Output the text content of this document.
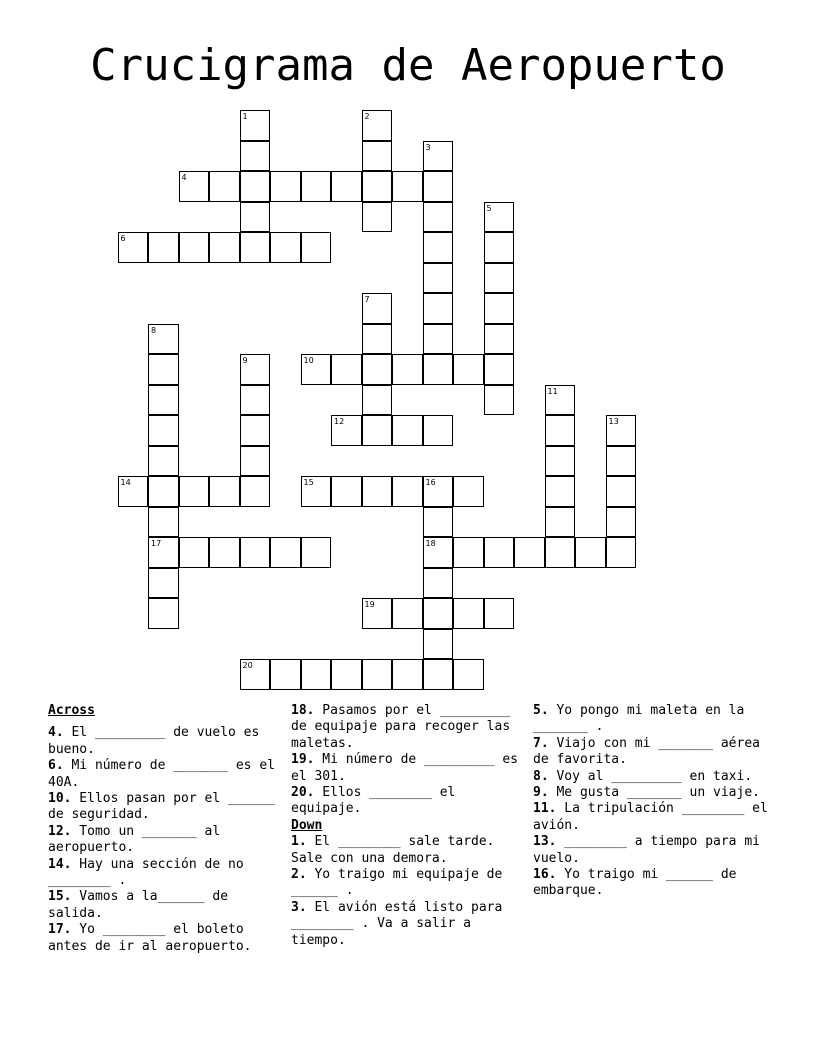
Crucigrama de Aeropuerto
1	2
3
4
5
6
7
8
9	10
11
12	13
14	15	16
17	18
19
20
Across
4. El _________ de vuelo es bueno.
6. Mi número de _______ es el 40A.
10. Ellos pasan por el ______ de seguridad.
12. Tomo un _______ al aeropuerto.
14. Hay una sección de no ________ .
15. Vamos a la______ de salida.
17. Yo ________ el boleto antes de ir al aeropuerto.
18. Pasamos por el _________ de equipaje para recoger las maletas.
19. Mi número de _________ es el 301.
20. Ellos ________ el equipaje.
Down
1. El ________ sale tarde. Sale con una demora.
2. Yo traigo mi equipaje de ______ .
3. El avión está listo para ________ . Va a salir a tiempo.
5. Yo pongo mi maleta en la _______ .
7. Viajo con mi _______ aérea de favorita.
8. Voy al _________ en taxi.
9. Me gusta _______ un viaje.
11. La tripulación ________ el avión.
13. ________ a tiempo para mi vuelo.
16. Yo traigo mi ______ de embarque.
